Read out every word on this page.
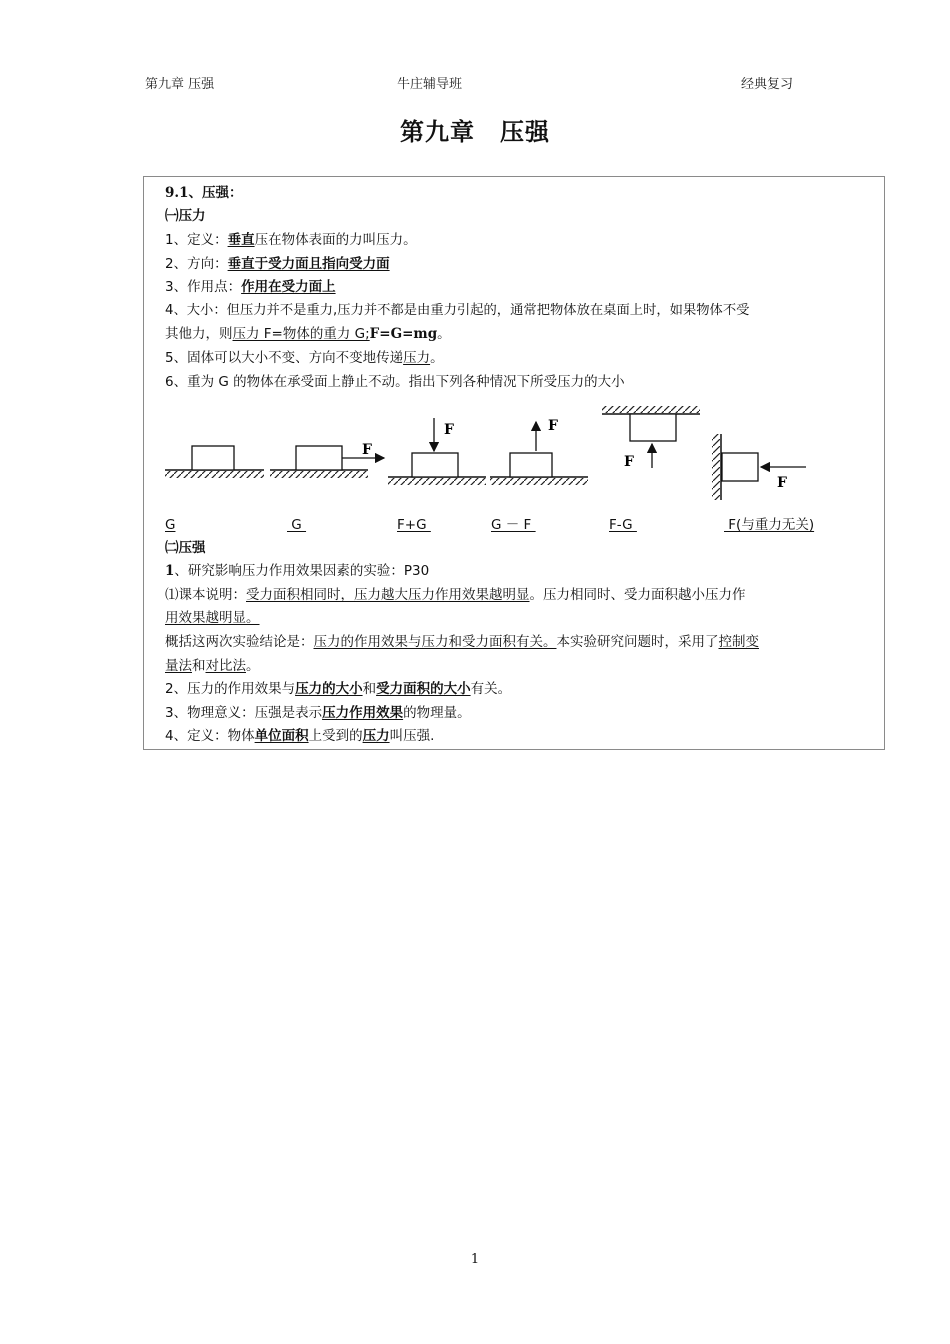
第九章 压强	牛庄辅导班	经典复习
第九章　压强
9.1、压强：
㈠压力
1、定义：垂直压在物体表面的力叫压力。
2、方向：垂直于受力面且指向受力面
3、作用点：作用在受力面上
4、大小：但压力并不是重力,压力并不都是由重力引起的，通常把物体放在桌面上时，如果物体不受
其他力，则压力 F=物体的重力 G;F=G=mg。
5、固体可以大小不变、方向不变地传递压力。
6、重为 G 的物体在承受面上静止不动。指出下列各种情况下所受压力的大小
F
F	F
F
F
G	G	F+G	G － F	F-G	F(与重力无关)
㈡压强
1、研究影响压力作用效果因素的实验：P30
⑴课本说明：受力面积相同时，压力越大压力作用效果越明显。压力相同时、受力面积越小压力作
用效果越明显。
概括这两次实验结论是：压力的作用效果与压力和受力面积有关。本实验研究问题时，采用了控制变
量法和对比法。
2、压力的作用效果与压力的大小和受力面积的大小有关。
3、物理意义：压强是表示压力作用效果的物理量。
4、定义：物体单位面积上受到的压力叫压强.
1
